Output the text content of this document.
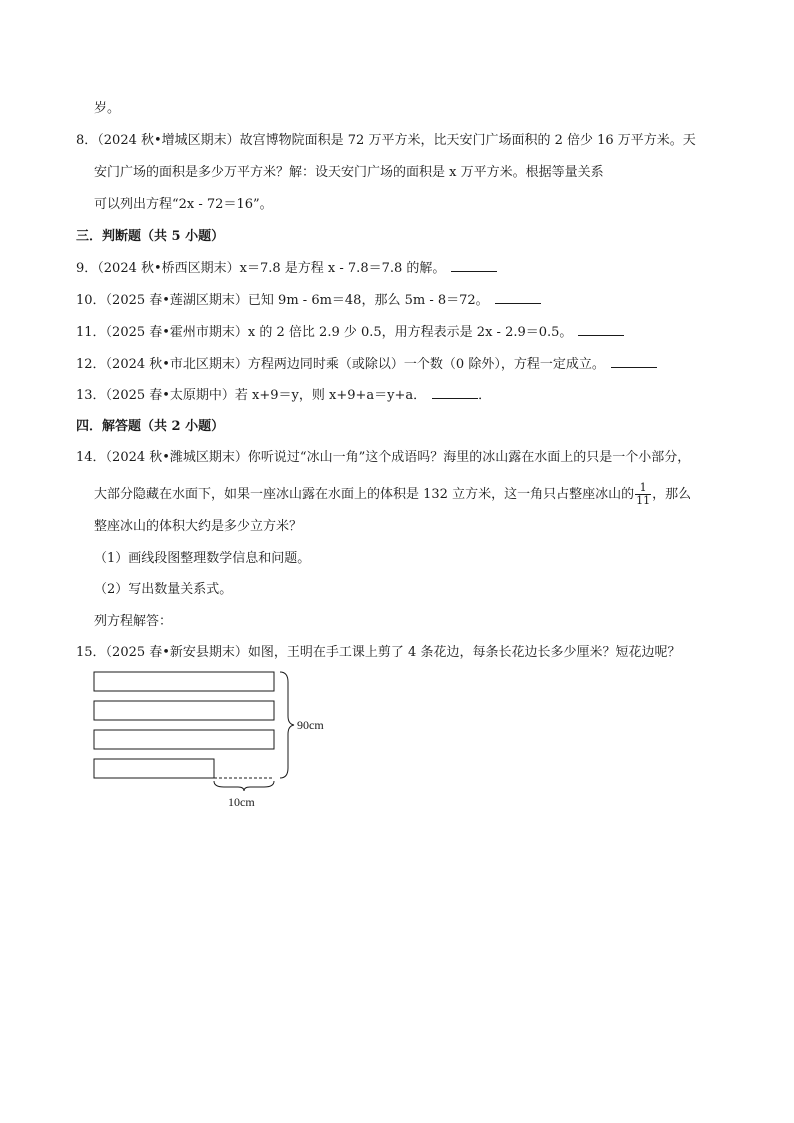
岁。
8．（2024 秋•增城区期末）故宫博物院面积是 72 万平方米，比天安门广场面积的 2 倍少 16 万平方米。天
安门广场的面积是多少万平方米？解：设天安门广场的面积是 x 万平方米。根据等量关系
可以列出方程“2x - 72＝16”。
三．判断题（共 5 小题）
9．（2024 秋•桥西区期末）x＝7.8 是方程 x - 7.8＝7.8 的解。
10．（2025 春•莲湖区期末）已知 9m - 6m＝48，那么 5m - 8＝72。
11．（2025 春•霍州市期末）x 的 2 倍比 2.9 少 0.5，用方程表示是 2x - 2.9＝0.5。
12．（2024 秋•市北区期末）方程两边同时乘（或除以）一个数（0 除外），方程一定成立。
13．（2025 春•太原期中）若 x+9＝y，则 x+9+a＝y+a．	．
四．解答题（共 2 小题）
14．（2024 秋•潍城区期末）你听说过“冰山一角”这个成语吗？海里的冰山露在水面上的只是一个小部分，
大部分隐藏在水面下，如果一座冰山露在水面上的体积是 132 立方米，这一角只占整座冰山的 $\frac{1}{11}$ ，那么
整座冰山的体积大约是多少立方米？
（1）画线段图整理数学信息和问题。
（2）写出数量关系式。
列方程解答：
15．（2025 春•新安县期末）如图，王明在手工课上剪了 4 条花边，每条长花边长多少厘米？短花边呢？
90cm
10cm
